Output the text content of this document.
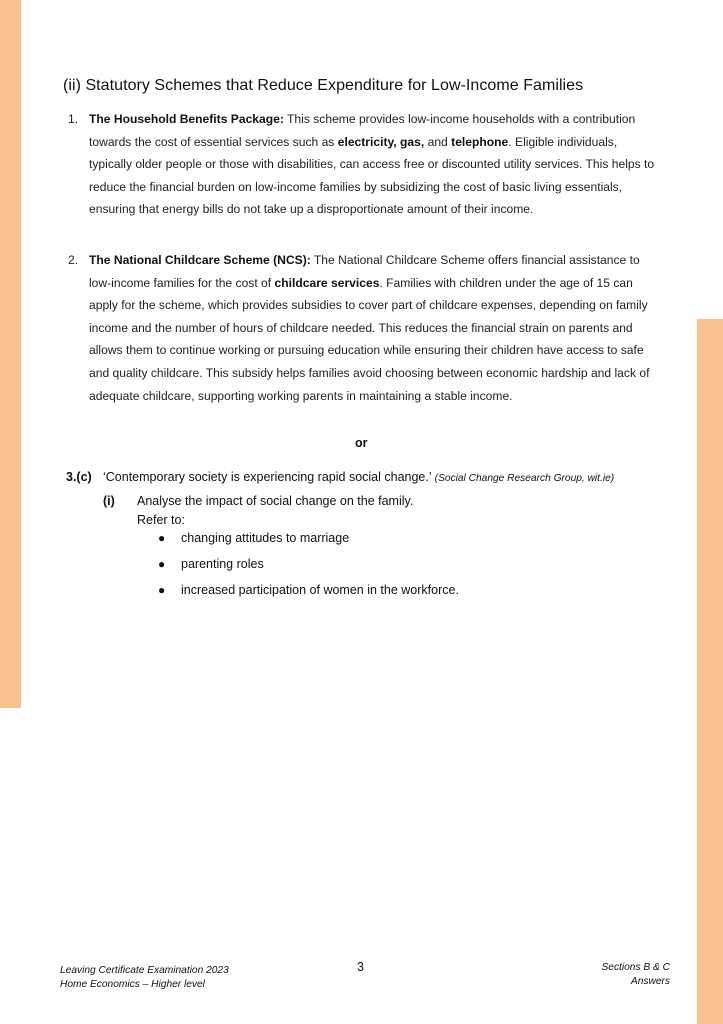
(ii) Statutory Schemes that Reduce Expenditure for Low-Income Families
1. The Household Benefits Package: This scheme provides low-income households with a contribution towards the cost of essential services such as electricity, gas, and telephone. Eligible individuals, typically older people or those with disabilities, can access free or discounted utility services. This helps to reduce the financial burden on low-income families by subsidizing the cost of basic living essentials, ensuring that energy bills do not take up a disproportionate amount of their income.
2. The National Childcare Scheme (NCS): The National Childcare Scheme offers financial assistance to low-income families for the cost of childcare services. Families with children under the age of 15 can apply for the scheme, which provides subsidies to cover part of childcare expenses, depending on family income and the number of hours of childcare needed. This reduces the financial strain on parents and allows them to continue working or pursuing education while ensuring their children have access to safe and quality childcare. This subsidy helps families avoid choosing between economic hardship and lack of adequate childcare, supporting working parents in maintaining a stable income.
or
3.(c) ‘Contemporary society is experiencing rapid social change.’ (Social Change Research Group, wit.ie)
(i) Analyse the impact of social change on the family.
Refer to:
● changing attitudes to marriage
● parenting roles
● increased participation of women in the workforce.
Leaving Certificate Examination 2023
Home Economics – Higher level
3	Sections B & C
Answers
